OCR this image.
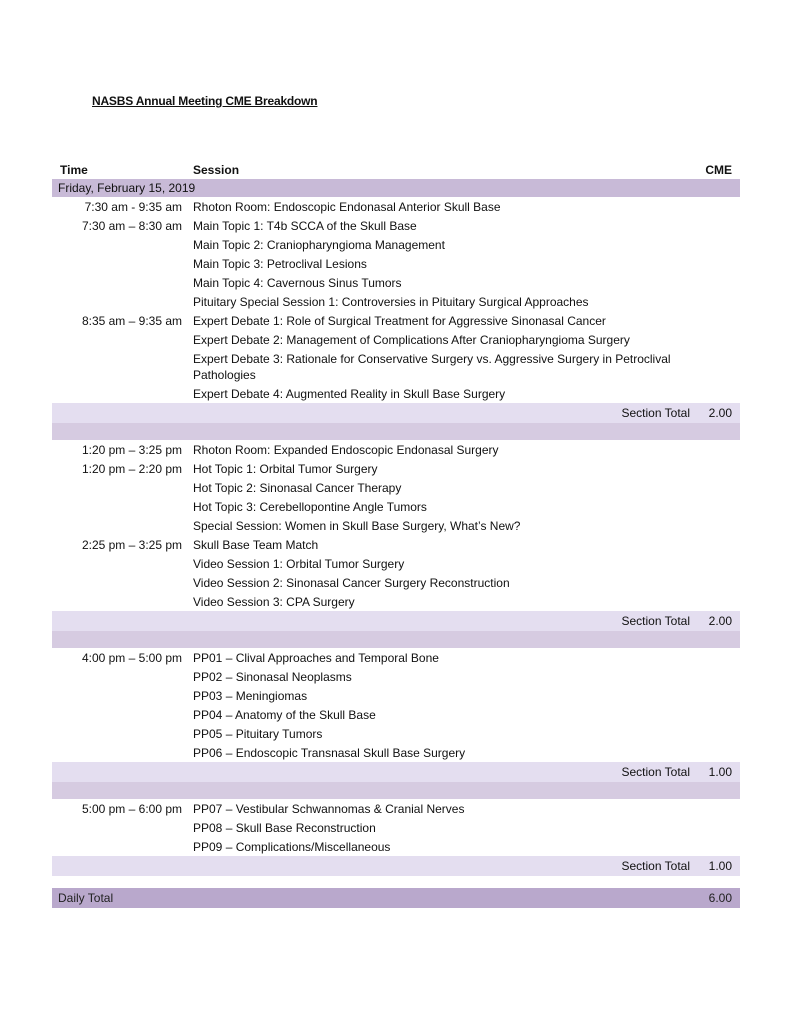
NASBS Annual Meeting CME Breakdown
Time	Session	CME
Friday, February 15, 2019
7:30 am - 9:35 am Rhoton Room: Endoscopic Endonasal Anterior Skull Base
7:30 am – 8:30 am Main Topic 1: T4b SCCA of the Skull Base
Main Topic 2: Craniopharyngioma Management
Main Topic 3: Petroclival Lesions
Main Topic 4: Cavernous Sinus Tumors
Pituitary Special Session 1: Controversies in Pituitary Surgical Approaches
8:35 am – 9:35 am Expert Debate 1: Role of Surgical Treatment for Aggressive Sinonasal Cancer
Expert Debate 2: Management of Complications After Craniopharyngioma Surgery
Expert Debate 3: Rationale for Conservative Surgery vs. Aggressive Surgery in Petroclival Pathologies
Expert Debate 4: Augmented Reality in Skull Base Surgery
Section Total 2.00
1:20 pm – 3:25 pm Rhoton Room: Expanded Endoscopic Endonasal Surgery
1:20 pm – 2:20 pm Hot Topic 1: Orbital Tumor Surgery
Hot Topic 2: Sinonasal Cancer Therapy
Hot Topic 3: Cerebellopontine Angle Tumors
Special Session: Women in Skull Base Surgery, What’s New?
2:25 pm – 3:25 pm Skull Base Team Match
Video Session 1: Orbital Tumor Surgery
Video Session 2: Sinonasal Cancer Surgery Reconstruction
Video Session 3: CPA Surgery
Section Total 2.00
4:00 pm – 5:00 pm PP01 – Clival Approaches and Temporal Bone
PP02 – Sinonasal Neoplasms
PP03 – Meningiomas
PP04 – Anatomy of the Skull Base
PP05 – Pituitary Tumors
PP06 – Endoscopic Transnasal Skull Base Surgery
Section Total 1.00
5:00 pm – 6:00 pm PP07 – Vestibular Schwannomas & Cranial Nerves
PP08 – Skull Base Reconstruction
PP09 – Complications/Miscellaneous
Section Total 1.00
Daily Total	6.00
